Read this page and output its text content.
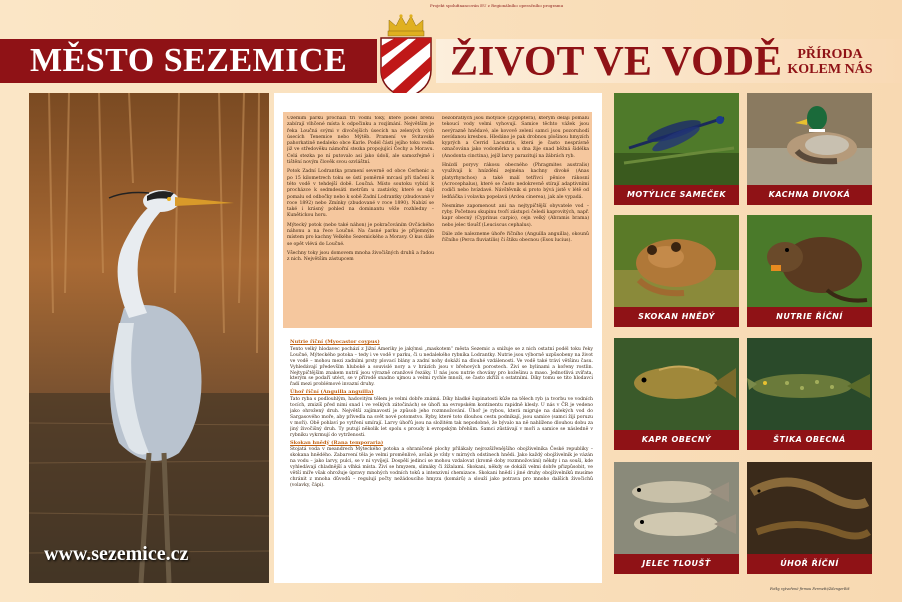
Projekt spolufinancován EU z Regionálního operačního programu
MĚSTO SEZEMICE ŽIVOT VE VODĚ	PŘÍRODA
KOLEM NÁS
www.sezemice.cz

Územím parku prochází tři vodní toky, které podél břehů zabírají vlhčené místa k odpočinku a rozjímání. Největším je řeka Loučná svými v divočejších úsecích na zelených vých úsecích Tenemice nebo Mýtěb. Pramení ve Svitavské pahorkatině nedaleko obce Karle. Podél části jejího toku vedla již ve středověku námořní stezka propojující Čechy a Moravu. Celá stezka po ní putovalo asi jako údolí, ale samozřejmě i tištění novým člověk svou ozvláštní.

Potok Zadní Lodrantka pramení severně od obce Cerhenic a po 15 kilometrech toku se ústí poměrně mrcasí při tlačení k této vodě v tehdejší době. Loučná. Místo soutoku vybízí k procházce k sedmdesáti metrům u zastávky, které se dají pomalu od odbočky nebo k sobě Zadní Lodrantky (zbudované v roce 1892) nebo Zmínky (zbudované v roce 1890). Nabízí se také i krásný pohled na dominantu věže rozhledny – Kunětickou horu.

Mýtecký potok (nebo také náhon) je pokračováním Ovčáckého náhonu a na řece Loučné. Na časné parku je příjemným místem pro kachny Velkého Sezemického a Moravy. O kus dále se opět vlévá do Loučné.

Všechny toky jsou domovem mnoha živočišných druhů a řadou z nich. Největším zástupcem

bezobratlých jsou motýlice (Zygoptera), kterým dělají pomalu tekoucí vody velmi vyhovují. Samice těchto vážek jsou nevýrazně hnědavé, ale kovově zelení samci jsou pozoruhodí nevídanou kresbou. Hledáno je pak drobnou plošinou hmyzích kyprých a Cerrid Lacustris, která je často nesprávně označována jako vodoměrka a u dna žije snad běžná šidélka (Anodonta cinctina), jejíž larvy parazitují na žábrách ryb.

Hnízdí poryvy rákosu obecného (Phragmites australis) využívají k hnízdění zejména kachny divoké (Anas platyrhynchos) a také malí tetřívci pěnice rákosní (Acrocephalus), které se často nedokrevně stírají adaptivními rodiči nebo hvízdavé. Návštěvník si proto bývá jistě v létě od ledňáčka i volavka popelavá (Ardea cinerea), jak ale vypadá.

Nesmíme zapomenout ani na nejtypičtější obyvatele vod – ryby. Početnou skupinu tvoří zástupci čeledi kaprovitých, např. kapr obecný (Cyprinus carpio), cejn velký (Abramis brama) nebo jelec tloušť (Leuciscus cephalus).

Dále zde nalezneme úhoře říčního (Anguilla anguilla), okounů říčního (Perca fluviatilis) či štiku obecnou (Esox lucius).

Nutrie říční (Myocastor coypus)

Tento velký hlodavec pochází z Jižní Ameriky je jakýmsi „maskotem“ města Sezemic a snižuje se z nich ostatní podél toku řeky Loučné, Mýteckého potoka – tedy i ve vodě v parku, či u nedalekého rybníka Lodrantky. Nutrie jsou výborně uzpůsobeny na život ve vodě – mohou mezi zadními prsty plovací blány a zadní nohy dokáží na dlouhé vzdálenosti. Ve vodě také tráví většinu času. Vyhledávají především hluboké a souvislé nory a v hrázích jsou v břehových porostech. Živí se bylinami a kořeny rostlin. Nejtypičtějším znakem nutrií jsou výrazně oranžové řezáky. U nás jsou nutrie chovány pro kožešinu a maso. Jednotlivá zvířata, kterým se podaří utéct, se v přírodě snadno ujmou a velmi rychle množí, se často zkříží s ostatními. Díky tomu se tito hlodavci řadí mezi problémové invazní druhy.

Úhoř říční (Anguilla anguilla)

Tato ryba s podlouhlým, hadovitým tělem je velmi dobře známá. Díky hladké šupinatosti kůže na tělech ryb (a tvorbu ve vodních tocích, zmizíš před nimi snad i ve velkých zátočinách) se úhoři na evropském kontinentu rapidně klesly. U nás v ČR je vedeno jako ohrožený druh. Největší zajímavostí je způsob jeho rozmnožování. Úhoř je rybou, která migruje na dalekých vod do Sargasového moře, aby přivedla na svět nové potomstvo. Ryby, které toto dlouhou cestu podnikají, jsou samice (samci žijí poruzu v moři). Obě pohlaví po vytření umírají. Larvy úhořů jsou na složitém tak nepodobné, že bývalo na ně nahlíženo dlouhou dobu za jiný živočišný druh. Ty putují několik let spolu s proudy k evropským břehům. Samci zůstávají v moři a samice se následně v rybníku vykrmují do vytrženosti.

Skokan hnědý (Rana temporaria)

Stojatá voda v meandrech Mýteckého potoka a ohraničené plochy přilákaly nejrozšířenějšího obojživelníka České republiky – skokana hnědého. Zabarvení těla je velmi proměnlivé, avšak je vždy v mírných odstínech hnědi. Jako každý obojživelník je vázán na vodu – jako larvy, pulci, se v ní vyvíjejí. Dospělí jedinci se mohou vzdalovat (kromě doby rozmnožování) někdy i na souši, kde vyhledávají chladnější a vlhká místa. Živí se hmyzem, slimáky či žížalami. Skokani, někdy se dokáží velmi dobře přizpůsobit, ve větší míře však ohrožuje úpravy mnohých vodních toků a intenzivní chemizace. Skokani hnědí i jiné druhy obojživelníků musíme chránit z mnoha důvodů – regulují počty nežádoucího hmyzu (komárů) a slouží jako potrava pro mnoho dalších živočichů (volavky, čápi).

MOTÝLICE SAMEČEK	KACHNA DIVOKÁ
SKOKAN HNĚDÝ	NUTRIE ŘÍČNÍ
KAPR OBECNÝ	ŠTIKA OBECNÁ
JELEC TLOUŠŤ	ÚHOŘ ŘÍČNÍ
Fotky vytvořené firmou Fermetti/ZdengerRiš
